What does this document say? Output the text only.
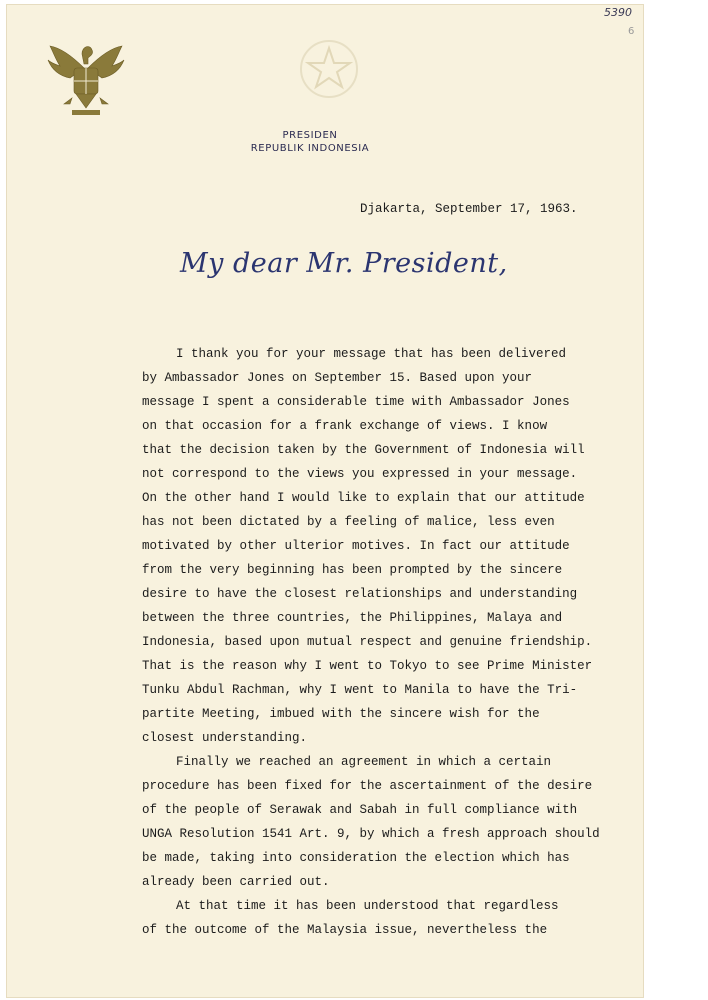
5390
6
PRESIDEN
REPUBLIK INDONESIA
Djakarta, September 17, 1963.
My dear Mr. President,
I thank you for your message that has been delivered
by Ambassador Jones on September 15. Based upon your
message I spent a considerable time with Ambassador Jones
on that occasion for a frank exchange of views. I know
that the decision taken by the Government of Indonesia will
not correspond to the views you expressed in your message.
On the other hand I would like to explain that our attitude
has not been dictated by a feeling of malice, less even
motivated by other ulterior motives. In fact our attitude
from the very beginning has been prompted by the sincere
desire to have the closest relationships and understanding
between the three countries, the Philippines, Malaya and
Indonesia, based upon mutual respect and genuine friendship.
That is the reason why I went to Tokyo to see Prime Minister
Tunku Abdul Rachman, why I went to Manila to have the Tri-
partite Meeting, imbued with the sincere wish for the
closest understanding.
Finally we reached an agreement in which a certain
procedure has been fixed for the ascertainment of the desire
of the people of Serawak and Sabah in full compliance with
UNGA Resolution 1541 Art. 9, by which a fresh approach should
be made, taking into consideration the election which has
already been carried out.
At that time it has been understood that regardless
of the outcome of the Malaysia issue, nevertheless the
